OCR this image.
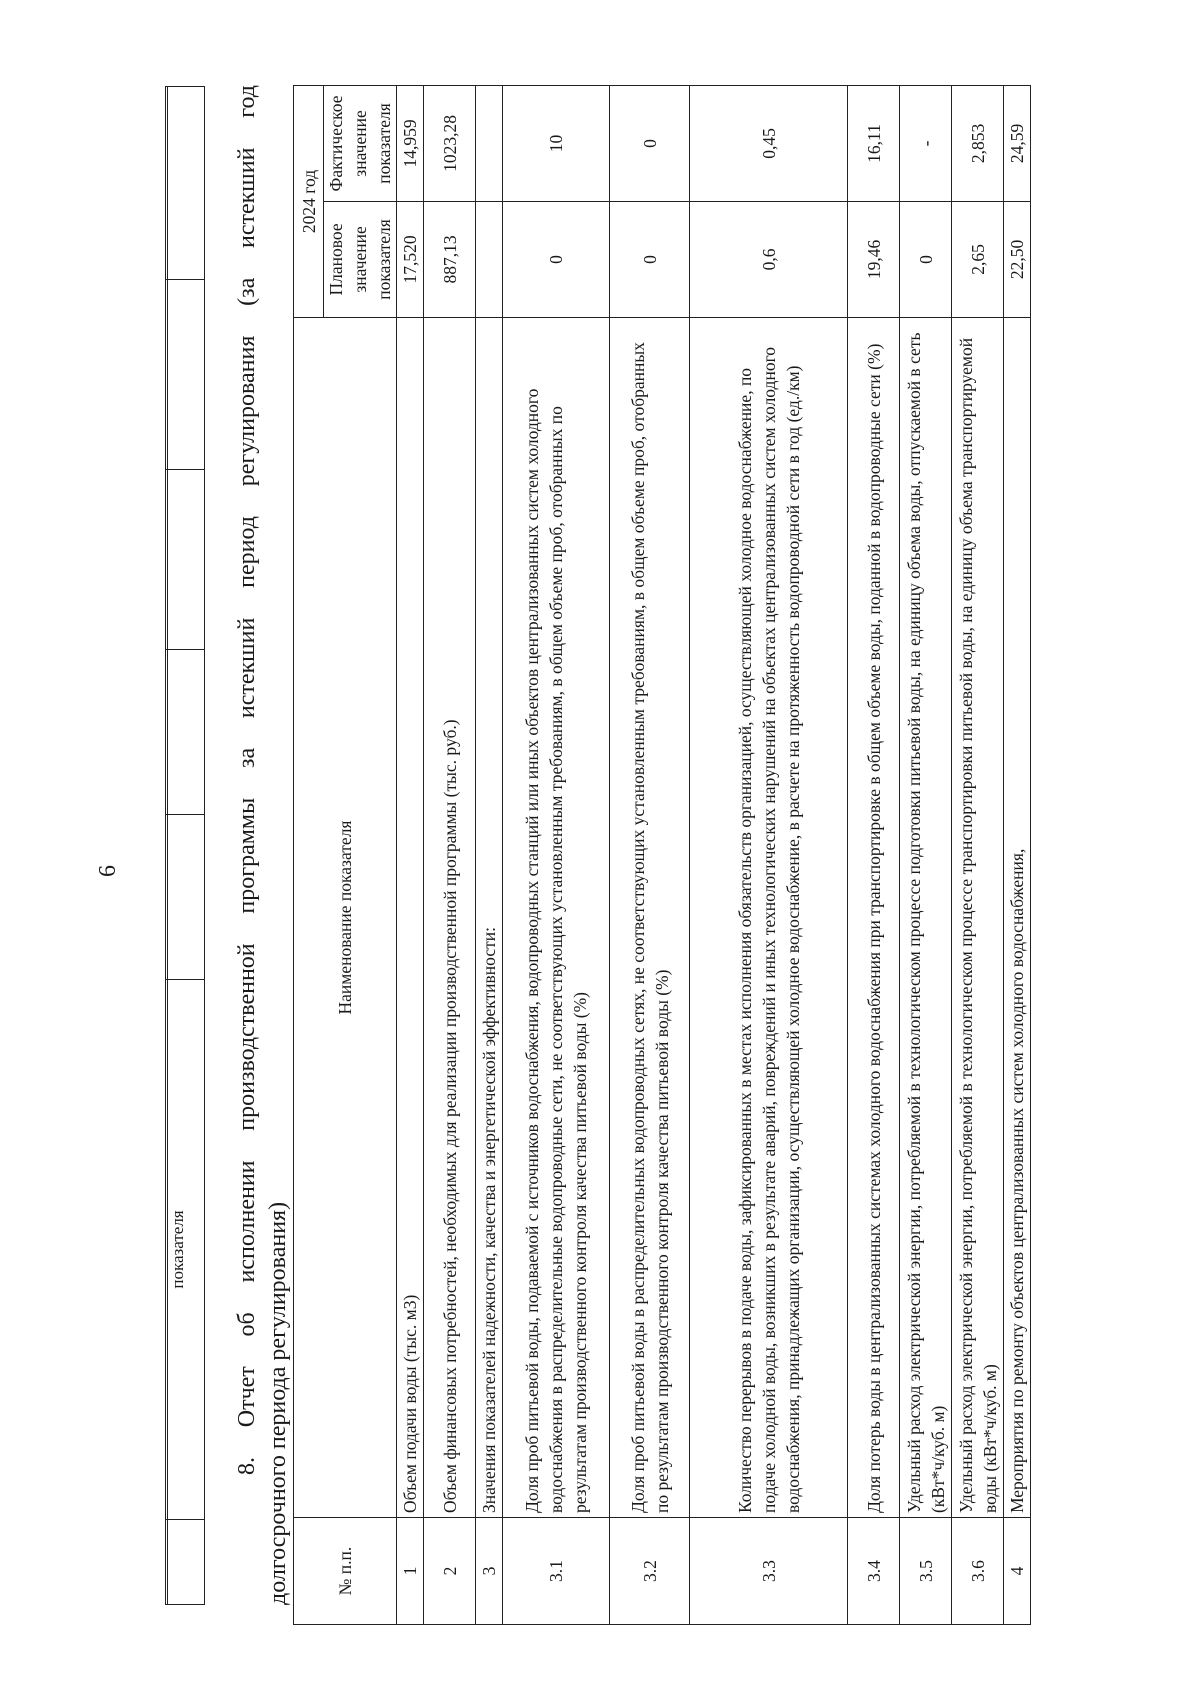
6

	показателя					8. Отчет об исполнении производственной программы за истекший период регулирования (за истекший год долгосрочного периода регулирования)	№ п.п.	Наименование показателя	2024 год	
		Плановое значение показателя	Фактическое значение показателя
1	Объем подачи воды (тыс. м3)	17,520	14,959
2	Объем финансовых потребностей, необходимых для реализации производственной программы (тыс. руб.)	887,13	1023,28
3	Значения показателей надежности, качества и энергетической эффективности:		
3.1	Доля проб питьевой воды, подаваемой с источников водоснабжения, водопроводных станций или иных объектов централизованных систем холодного водоснабжения в распределительные водопроводные сети, не соответствующих установленным требованиям, в общем объеме проб, отобранных по результатам производственного контроля качества питьевой воды (%)	0	10
3.2	Доля проб питьевой воды в распределительных водопроводных сетях, не соответствующих установленным требованиям, в общем объеме проб, отобранных по результатам производственного контроля качества питьевой воды (%)	0	0
3.3	Количество перерывов в подаче воды, зафиксированных в местах исполнения обязательств организацией, осуществляющей холодное водоснабжение, по подаче холодной воды, возникших в результате аварий, повреждений и иных технологических нарушений на объектах централизованных систем холодного водоснабжения, принадлежащих организации, осуществляющей холодное водоснабжение, в расчете на протяженность водопроводной сети в год (ед./км)	0,6	0,45
3.4	Доля потерь воды в централизованных системах холодного водоснабжения при транспортировке в общем объеме воды, поданной в водопроводные сети (%)	19,46	16,11
3.5	Удельный расход электрической энергии, потребляемой в технологическом процессе подготовки питьевой воды, на единицу объема воды, отпускаемой в сеть (кВт*ч/куб. м)	0	-
3.6	Удельный расход электрической энергии, потребляемой в технологическом процессе транспортировки питьевой воды, на единицу объема транспортируемой воды (кВт*ч/куб. м)	2,65	2,853
4	Мероприятия по ремонту объектов централизованных систем холодного водоснабжения,	22,50	24,59
